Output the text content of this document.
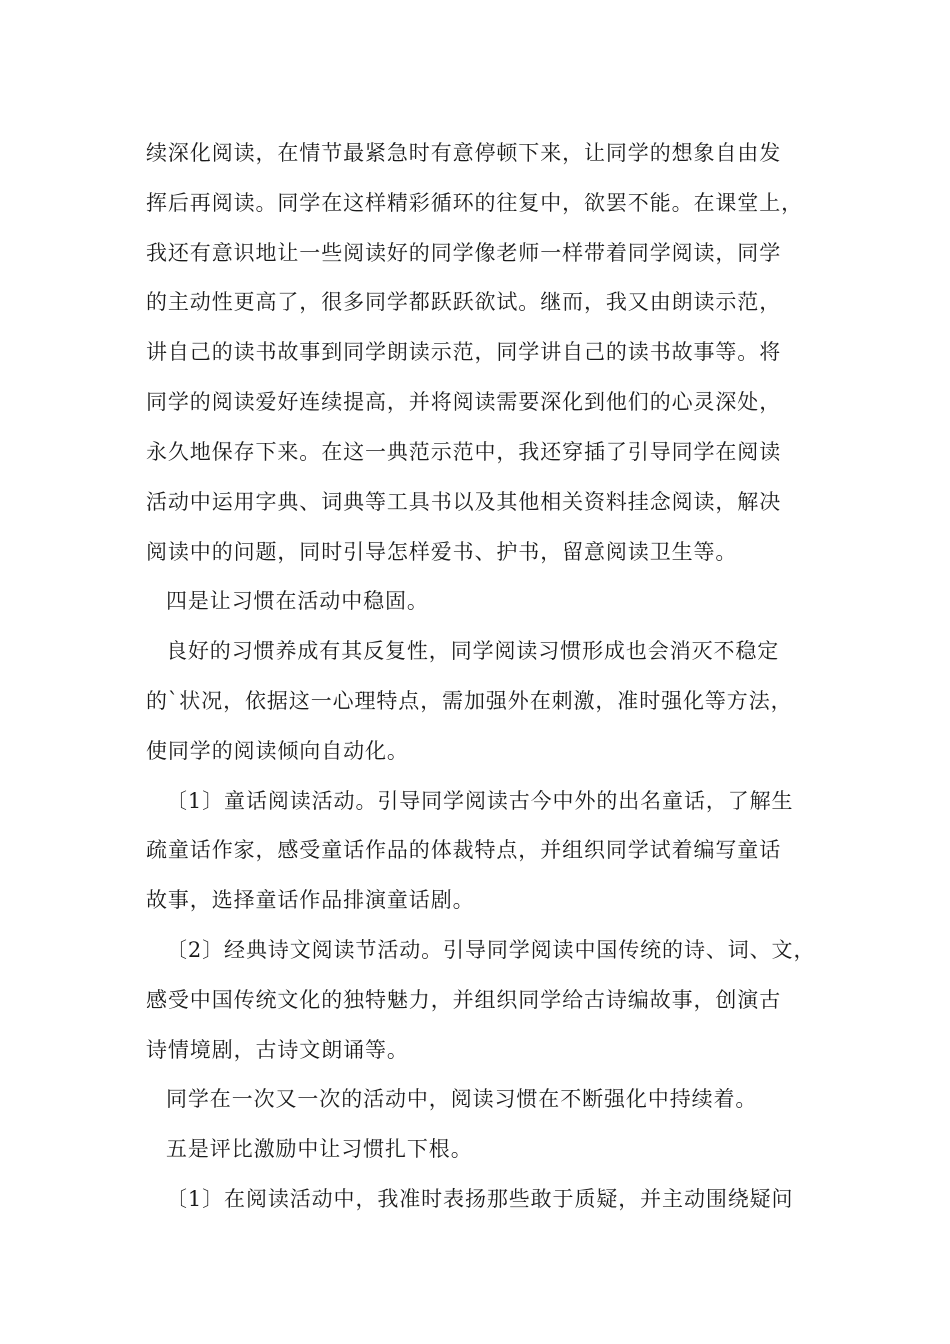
续深化阅读，在情节最紧急时有意停顿下来，让同学的想象自由发
挥后再阅读。同学在这样精彩循环的往复中，欲罢不能。在课堂上，
我还有意识地让一些阅读好的同学像老师一样带着同学阅读，同学
的主动性更高了，很多同学都跃跃欲试。继而，我又由朗读示范，
讲自己的读书故事到同学朗读示范，同学讲自己的读书故事等。将
同学的阅读爱好连续提高，并将阅读需要深化到他们的心灵深处，
永久地保存下来。在这一典范示范中，我还穿插了引导同学在阅读
活动中运用字典、词典等工具书以及其他相关资料挂念阅读，解决
阅读中的问题，同时引导怎样爱书、护书，留意阅读卫生等。
四是让习惯在活动中稳固。
良好的习惯养成有其反复性，同学阅读习惯形成也会消灭不稳定
的`状况，依据这一心理特点，需加强外在刺激，准时强化等方法，
使同学的阅读倾向自动化。
〔1〕童话阅读活动。引导同学阅读古今中外的出名童话，了解生
疏童话作家，感受童话作品的体裁特点，并组织同学试着编写童话
故事，选择童话作品排演童话剧。
〔2〕经典诗文阅读节活动。引导同学阅读中国传统的诗、词、文，
感受中国传统文化的独特魅力，并组织同学给古诗编故事，创演古
诗情境剧，古诗文朗诵等。
同学在一次又一次的活动中，阅读习惯在不断强化中持续着。
五是评比激励中让习惯扎下根。
〔1〕在阅读活动中，我准时表扬那些敢于质疑，并主动围绕疑问
